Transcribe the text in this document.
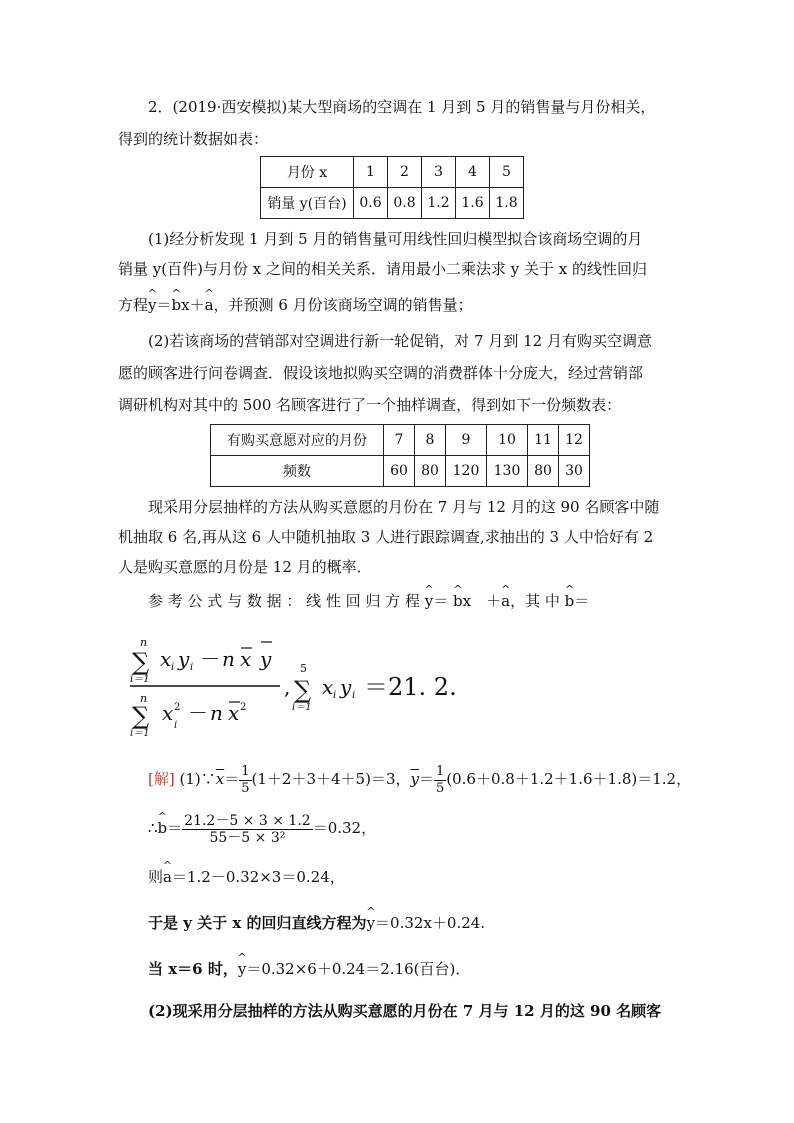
2．(2019·西安模拟)某大型商场的空调在 1 月到 5 月的销售量与月份相关，
得到的统计数据如表：
月份 x	1	2	3	4	5
销量 y(百台)	0.6	0.8	1.2	1.6	1.8
(1)经分析发现 1 月到 5 月的销售量可用线性回归模型拟合该商场空调的月
销量 y(百件)与月份 x 之间的相关关系．请用最小二乘法求 y 关于 x 的线性回归
方程^ y＝^ bx＋^ a，并预测 6 月份该商场空调的销售量；
(2)若该商场的营销部对空调进行新一轮促销，对 7 月到 12 月有购买空调意
愿的顾客进行问卷调查．假设该地拟购买空调的消费群体十分庞大，经过营销部
调研机构对其中的 500 名顾客进行了一个抽样调查，得到如下一份频数表：
有购买意愿对应的月份	7	8	9	10	11	12
频数	60	80	120	130	80	30
现采用分层抽样的方法从购买意愿的月份在 7 月与 12 月的这 90 名顾客中随
机抽取 6 名,再从这 6 人中随机抽取 3 人进行跟踪调查,求抽出的 3 人中恰好有 2
人是购买意愿的月份是 12 月的概率．
参 考 公 式 与 数 据 ： 线 性 回 归 方 程 ^ y＝ ^ bx　＋^ a，其 中 ^ b＝
n
∑
i＝1
x i y i － n x y
n
∑
i＝1
x 2
i
－ n x 2
,
5
∑
i＝1
x i y i ＝21. 2.
[解] $(1)\because\overline{x}= \frac{1}{5} (1+2+3+4+5)=3$，$\overline{y}= \frac{1}{5} (0.6+0.8+1.2+1.6+1.8)=1.2$，
∴^ $b= \frac{21.2-5 \times 3 \times 1.2}{\text{55－5 × 3²}} =0.32$，
则^ a＝1.2－0.32×3＝0.24，
于是 y 关于 x 的回归直线方程为^ y＝0.32x＋0.24.
当 x＝6 时，^ y＝0.32×6＋0.24＝2.16(百台)．
(2)现采用分层抽样的方法从购买意愿的月份在 7 月与 12 月的这 90 名顾客
